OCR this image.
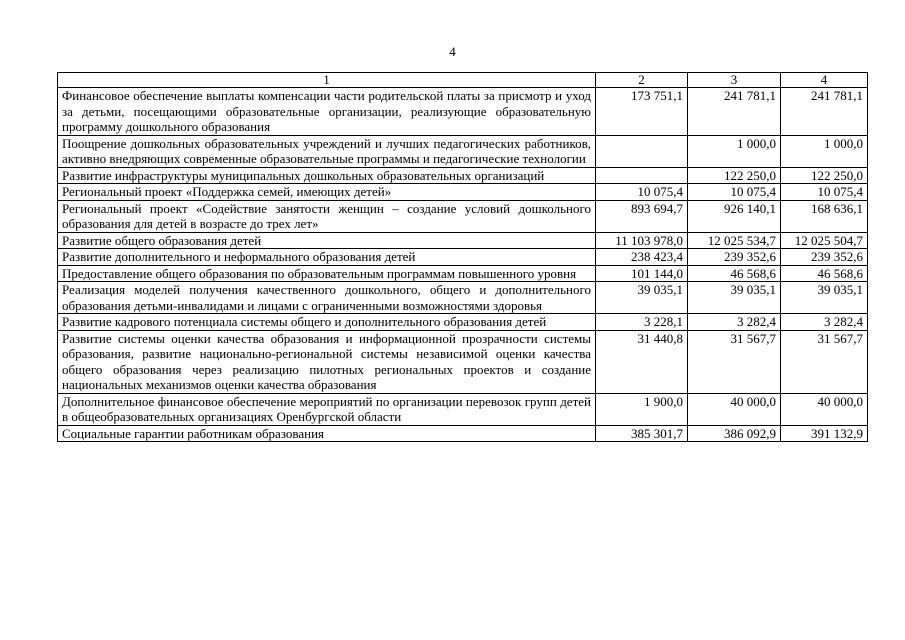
4
1	2	3	4
Финансовое обеспечение выплаты компенсации части родительской платы за присмотр и уход за детьми, посещающими образовательные организации, реализующие образовательную программу дошкольного образования	173 751,1	241 781,1	241 781,1
Поощрение дошкольных образовательных учреждений и лучших педагогических работников, активно внедряющих современные образовательные программы и педагогические технологии		1 000,0	1 000,0
Развитие инфраструктуры муниципальных дошкольных образовательных организаций		122 250,0	122 250,0
Региональный проект «Поддержка семей, имеющих детей»	10 075,4	10 075,4	10 075,4
Региональный проект «Содействие занятости женщин – создание условий дошкольного образования для детей в возрасте до трех лет»	893 694,7	926 140,1	168 636,1
Развитие общего образования детей	11 103 978,0	12 025 534,7	12 025 504,7
Развитие дополнительного и неформального образования детей	238 423,4	239 352,6	239 352,6
Предоставление общего образования по образовательным программам повышенного уровня	101 144,0	46 568,6	46 568,6
Реализация моделей получения качественного дошкольного, общего и дополнительного образования детьми-инвалидами и лицами с ограниченными возможностями здоровья	39 035,1	39 035,1	39 035,1
Развитие кадрового потенциала системы общего и дополнительного образования детей	3 228,1	3 282,4	3 282,4
Развитие системы оценки качества образования и информационной прозрачности системы образования, развитие национально-региональной системы независимой оценки качества общего образования через реализацию пилотных региональных проектов и создание национальных механизмов оценки качества образования	31 440,8	31 567,7	31 567,7
Дополнительное финансовое обеспечение мероприятий по организации перевозок групп детей в общеобразовательных организациях Оренбургской области	1 900,0	40 000,0	40 000,0
Социальные гарантии работникам образования	385 301,7	386 092,9	391 132,9
